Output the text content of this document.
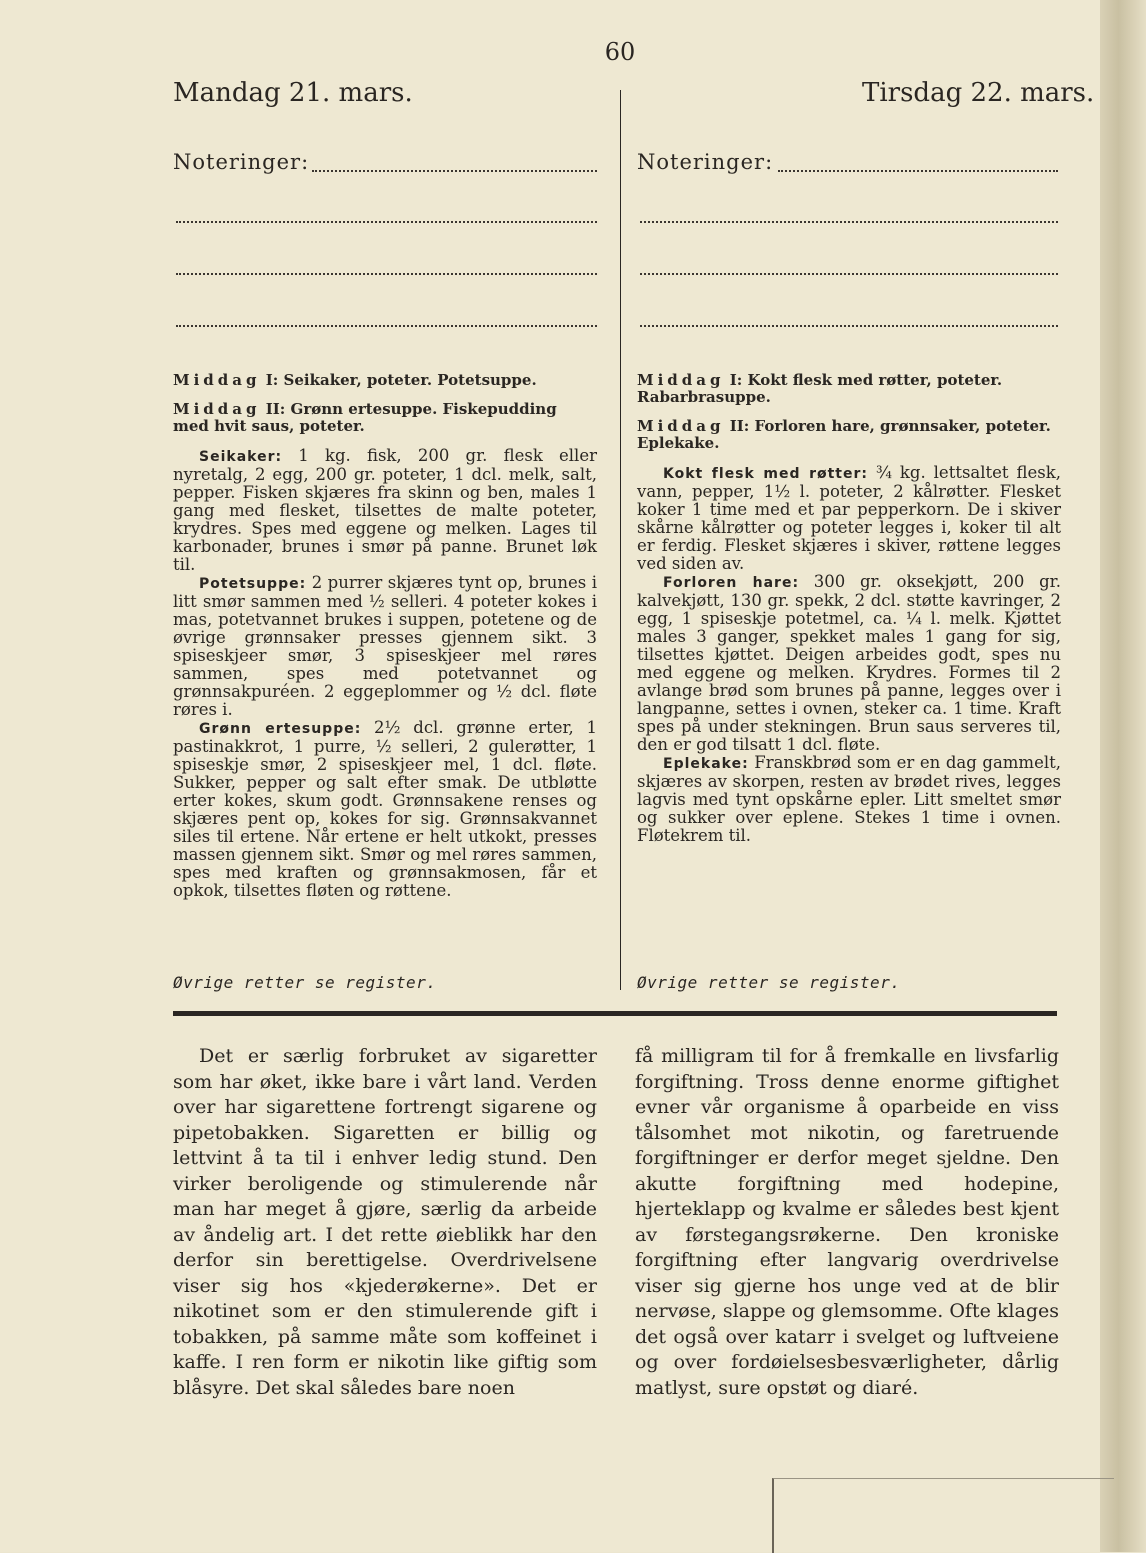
60
Mandag 21. mars.	Tirsdag 22. mars.
Noteringer:	Noteringer:

Middag I: Seikaker, poteter. Potetsuppe.

Middag II: Grønn ertesuppe. Fiskepudding med hvit saus, poteter.

Seikaker: 1 kg. fisk, 200 gr. flesk eller nyretalg, 2 egg, 200 gr. poteter, 1 dcl. melk, salt, pepper. Fisken skjæres fra skinn og ben, males 1 gang med flesket, tilsettes de malte poteter, krydres. Spes med eggene og melken. Lages til karbonader, brunes i smør på panne. Brunet løk til.

Potetsuppe: 2 purrer skjæres tynt op, brunes i litt smør sammen med ½ selleri. 4 poteter kokes i mas, potetvannet brukes i suppen, potetene og de øvrige grønnsaker presses gjennem sikt. 3 spiseskjeer smør, 3 spiseskjeer mel røres sammen, spes med potetvannet og grønnsakpuréen. 2 eggeplommer og ½ dcl. fløte røres i.

Grønn ertesuppe: 2½ dcl. grønne erter, 1 pastinakkrot, 1 purre, ½ selleri, 2 gulerøtter, 1 spiseskje smør, 2 spiseskjeer mel, 1 dcl. fløte. Sukker, pepper og salt efter smak. De utbløtte erter kokes, skum godt. Grønnsakene renses og skjæres pent op, kokes for sig. Grønnsakvannet siles til ertene. Når ertene er helt utkokt, presses massen gjennem sikt. Smør og mel røres sammen, spes med kraften og grønnsakmosen, får et opkok, tilsettes fløten og røttene.

Middag I: Kokt flesk med røtter, poteter. Rabarbrasuppe.

Middag II: Forloren hare, grønnsaker, poteter. Eplekake.

Kokt flesk med røtter: ¾ kg. lettsaltet flesk, vann, pepper, 1½ l. poteter, 2 kålrøtter. Flesket koker 1 time med et par pepperkorn. De i skiver skårne kålrøtter og poteter legges i, koker til alt er ferdig. Flesket skjæres i skiver, røttene legges ved siden av.

Forloren hare: 300 gr. oksekjøtt, 200 gr. kalvekjøtt, 130 gr. spekk, 2 dcl. støtte kavringer, 2 egg, 1 spiseskje potetmel, ca. ¼ l. melk. Kjøttet males 3 ganger, spekket males 1 gang for sig, tilsettes kjøttet. Deigen arbeides godt, spes nu med eggene og melken. Krydres. Formes til 2 avlange brød som brunes på panne, legges over i langpanne, settes i ovnen, steker ca. 1 time. Kraft spes på under stekningen. Brun saus serveres til, den er god tilsatt 1 dcl. fløte.

Eplekake: Franskbrød som er en dag gammelt, skjæres av skorpen, resten av brødet rives, legges lagvis med tynt opskårne epler. Litt smeltet smør og sukker over eplene. Stekes 1 time i ovnen. Fløtekrem til.

Øvrige retter se register.	Øvrige retter se register.
Det er særlig forbruket av sigaretter som har øket, ikke bare i vårt land. Verden over har sigarettene fortrengt sigarene og pipetobakken. Sigaretten er billig og lettvint å ta til i enhver ledig stund. Den virker beroligende og stimulerende når man har meget å gjøre, særlig da arbeide av åndelig art. I det rette øieblikk har den derfor sin berettigelse. Overdrivelsene viser sig hos «kjederøkerne». Det er nikotinet som er den stimulerende gift i tobakken, på samme måte som koffeinet i kaffe. I ren form er nikotin like giftig som blåsyre. Det skal således bare noen
få milligram til for å fremkalle en livsfarlig forgiftning. Tross denne enorme giftighet evner vår organisme å oparbeide en viss tålsomhet mot nikotin, og faretruende forgiftninger er derfor meget sjeldne. Den akutte forgiftning med hodepine, hjerteklapp og kvalme er således best kjent av førstegangsrøkerne. Den kroniske forgiftning efter langvarig overdrivelse viser sig gjerne hos unge ved at de blir nervøse, slappe og glemsomme. Ofte klages det også over katarr i svelget og luftveiene og over fordøielsesbesværligheter, dårlig matlyst, sure opstøt og diaré.
